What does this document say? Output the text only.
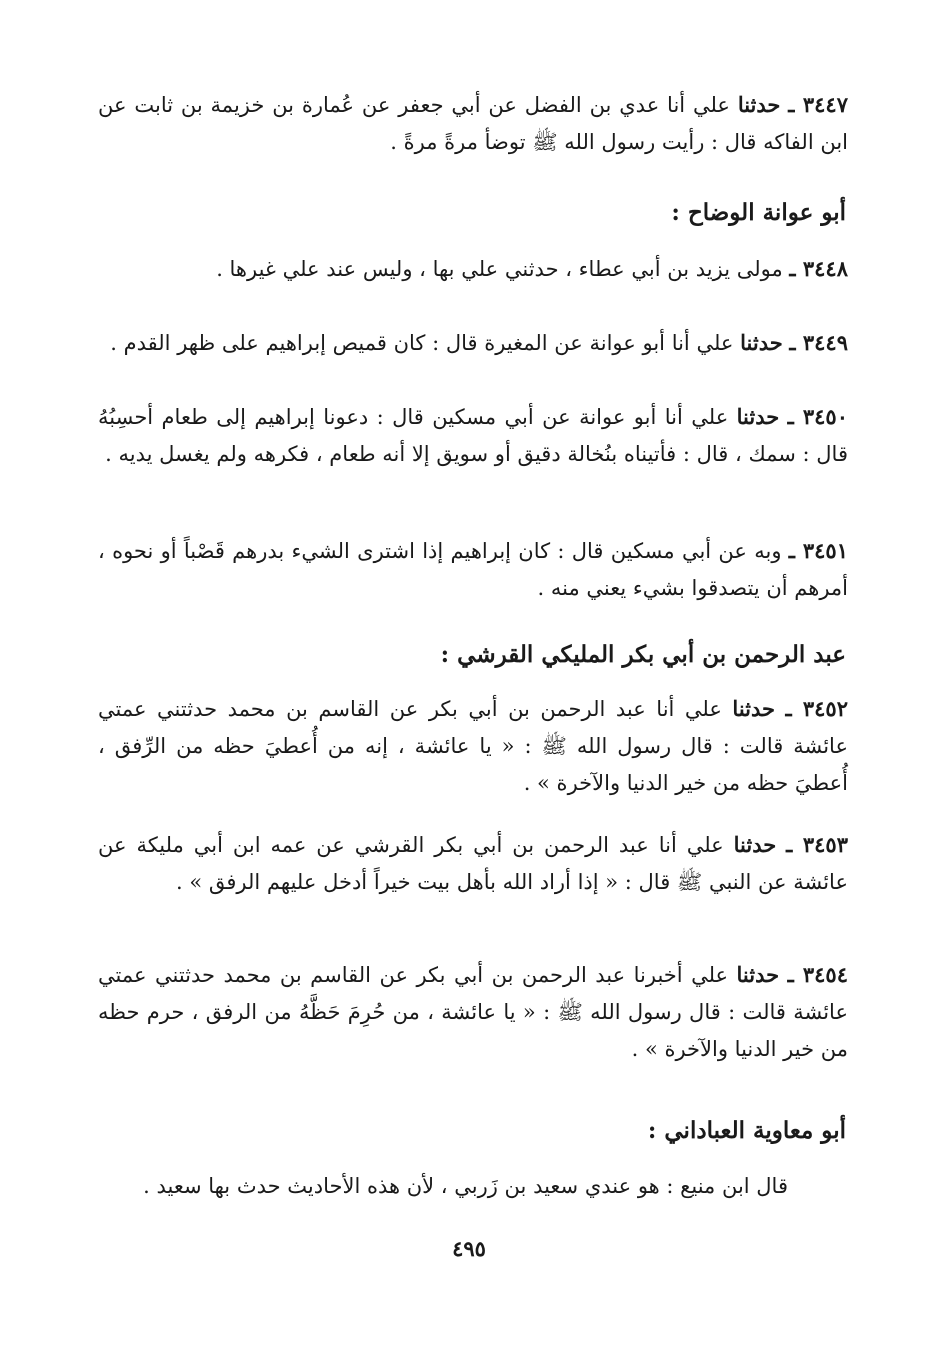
٣٤٤٧ ـ حدثنا علي أنا عدي بن الفضل عن أبي جعفر عن عُمارة بن خزيمة بن ثابت عن ابن الفاكه قال : رأيت رسول الله ﷺ توضأ مرةً مرةً .
أبو عوانة الوضاح :
٣٤٤٨ ـ مولى يزيد بن أبي عطاء ، حدثني علي بها ، وليس عند علي غيرها .
٣٤٤٩ ـ حدثنا علي أنا أبو عوانة عن المغيرة قال : كان قميص إبراهيم على ظهر القدم .
٣٤٥٠ ـ حدثنا علي أنا أبو عوانة عن أبي مسكين قال : دعونا إبراهيم إلى طعام أحسِبُهُ قال : سمك ، قال : فأتيناه بنُخالة دقيق أو سويق إلا أنه طعام ، فكرهه ولم يغسل يديه .
٣٤٥١ ـ وبه عن أبي مسكين قال : كان إبراهيم إذا اشترى الشيء بدرهم قَصْباً أو نحوه ، أمرهم أن يتصدقوا بشيء يعني منه .
عبد الرحمن بن أبي بكر المليكي القرشي :
٣٤٥٢ ـ حدثنا علي أنا عبد الرحمن بن أبي بكر عن القاسم بن محمد حدثتني عمتي عائشة قالت : قال رسول الله ﷺ : « يا عائشة ، إنه من أُعطيَ حظه من الرِّفق ، أُعطيَ حظه من خير الدنيا والآخرة » .
٣٤٥٣ ـ حدثنا علي أنا عبد الرحمن بن أبي بكر القرشي عن عمه ابن أبي مليكة عن عائشة عن النبي ﷺ قال : « إذا أراد الله بأهل بيت خيراً أدخل عليهم الرفق » .
٣٤٥٤ ـ حدثنا علي أخبرنا عبد الرحمن بن أبي بكر عن القاسم بن محمد حدثتني عمتي عائشة قالت : قال رسول الله ﷺ : « يا عائشة ، من حُرِمَ حَظَّهُ من الرفق ، حرم حظه من خير الدنيا والآخرة » .
أبو معاوية العباداني :
قال ابن منيع : هو عندي سعيد بن زَربي ، لأن هذه الأحاديث حدث بها سعيد .
٤٩٥
